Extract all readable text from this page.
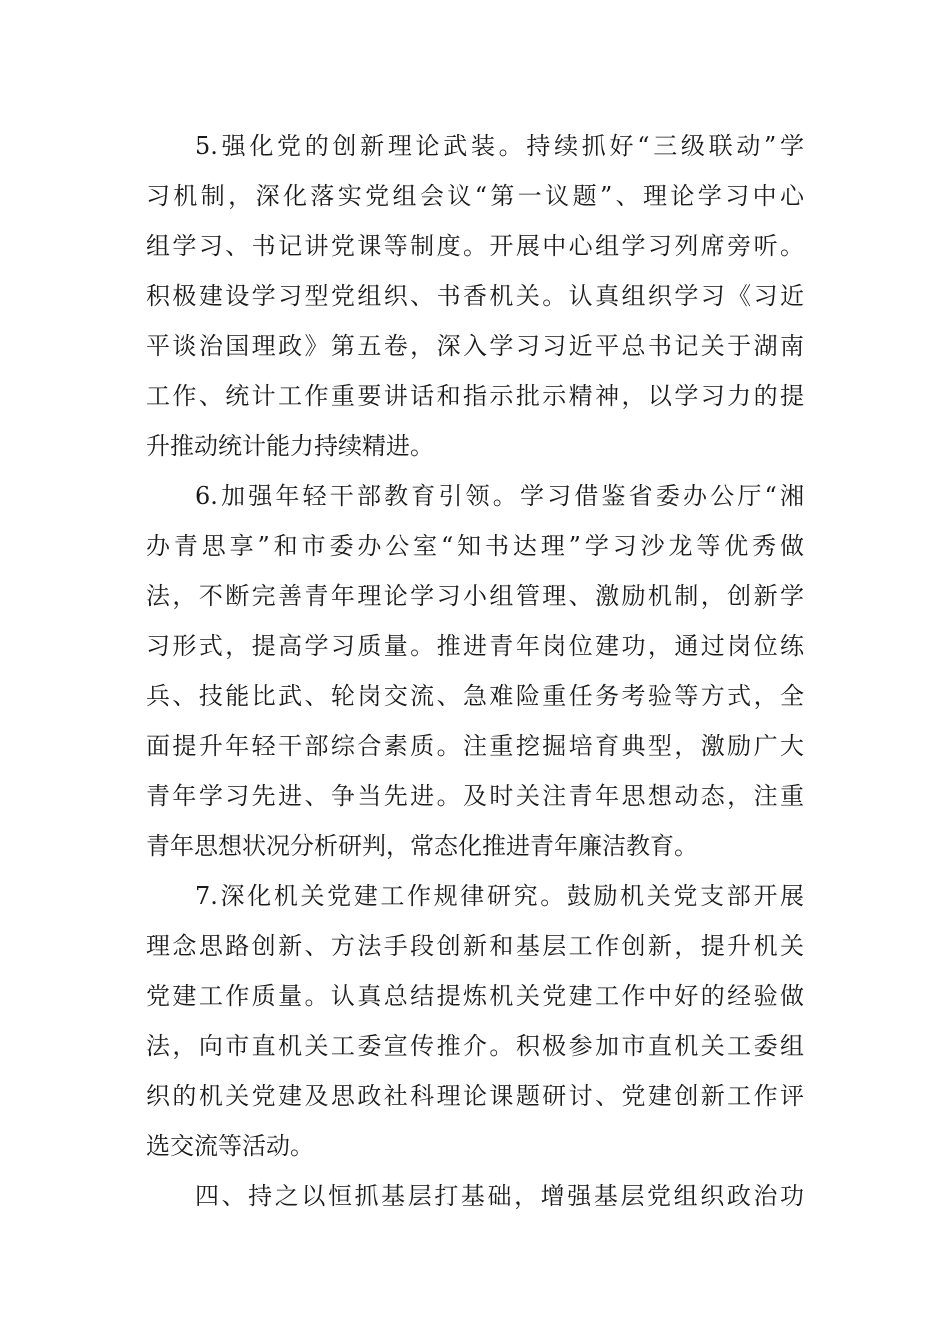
5.强化党的创新理论武装。持续抓好“三级联动”学
习机制，深化落实党组会议“第一议题”、理论学习中心
组学习、书记讲党课等制度。开展中心组学习列席旁听。
积极建设学习型党组织、书香机关。认真组织学习《习近
平谈治国理政》第五卷，深入学习习近平总书记关于湖南
工作、统计工作重要讲话和指示批示精神，以学习力的提
升推动统计能力持续精进。
6.加强年轻干部教育引领。学习借鉴省委办公厅“湘
办青思享”和市委办公室“知书达理”学习沙龙等优秀做
法，不断完善青年理论学习小组管理、激励机制，创新学
习形式，提高学习质量。推进青年岗位建功，通过岗位练
兵、技能比武、轮岗交流、急难险重任务考验等方式，全
面提升年轻干部综合素质。注重挖掘培育典型，激励广大
青年学习先进、争当先进。及时关注青年思想动态，注重
青年思想状况分析研判，常态化推进青年廉洁教育。
7.深化机关党建工作规律研究。鼓励机关党支部开展
理念思路创新、方法手段创新和基层工作创新，提升机关
党建工作质量。认真总结提炼机关党建工作中好的经验做
法，向市直机关工委宣传推介。积极参加市直机关工委组
织的机关党建及思政社科理论课题研讨、党建创新工作评
选交流等活动。
四、持之以恒抓基层打基础，增强基层党组织政治功
